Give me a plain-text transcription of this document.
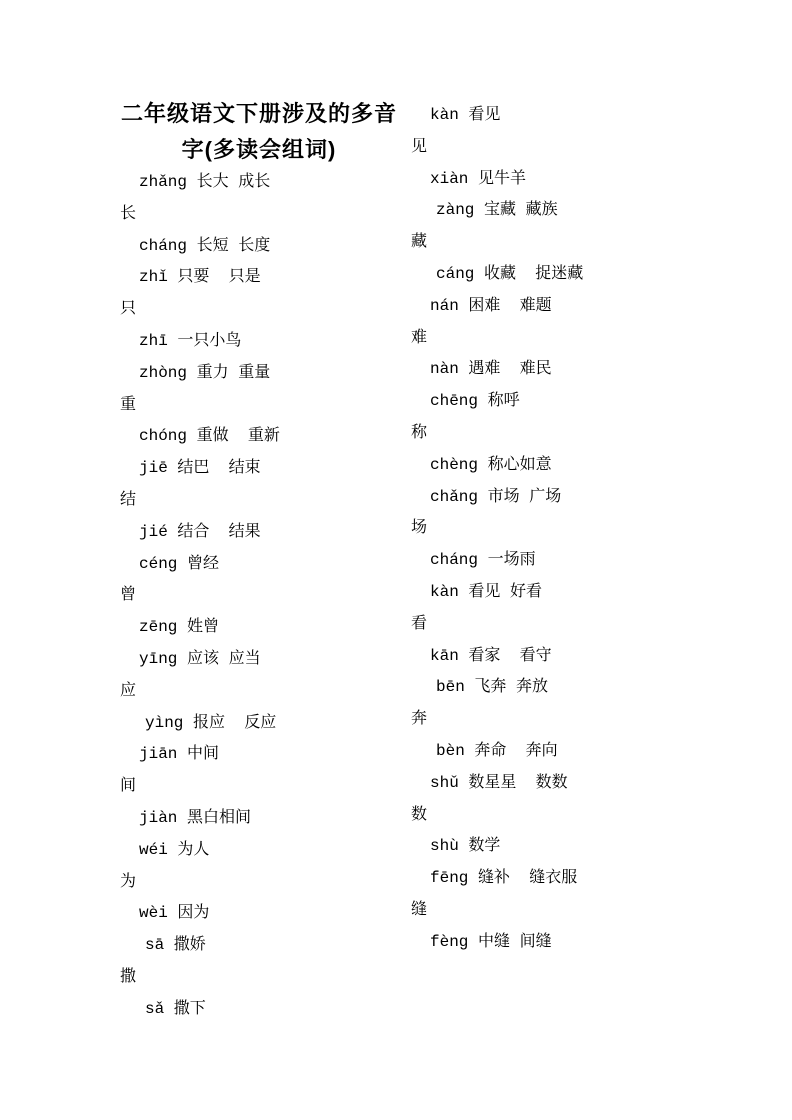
二年级语文下册涉及的多音
字(多读会组词)
zhǎng 长大 成长
长
cháng 长短 长度
zhǐ 只要  只是
只
zhī 一只小鸟
zhòng 重力 重量
重
chóng 重做  重新
jiē 结巴  结束
结
jié 结合  结果
céng 曾经
曾
zēng 姓曾
yīng 应该 应当
应
yìng 报应  反应
jiān 中间
间
jiàn 黑白相间
wéi 为人
为
wèi 因为
sā 撒娇
撒
sǎ 撒下
kàn 看见
见
xiàn 见牛羊
zàng 宝藏 藏族
藏
cáng 收藏  捉迷藏
nán 困难  难题
难
nàn 遇难  难民
chēng 称呼
称
chèng 称心如意
chǎng 市场 广场
场
cháng 一场雨
kàn 看见 好看
看
kān 看家  看守
bēn 飞奔 奔放
奔
bèn 奔命  奔向
shǔ 数星星  数数
数
shù 数学
fēng 缝补  缝衣服
缝
fèng 中缝 间缝
